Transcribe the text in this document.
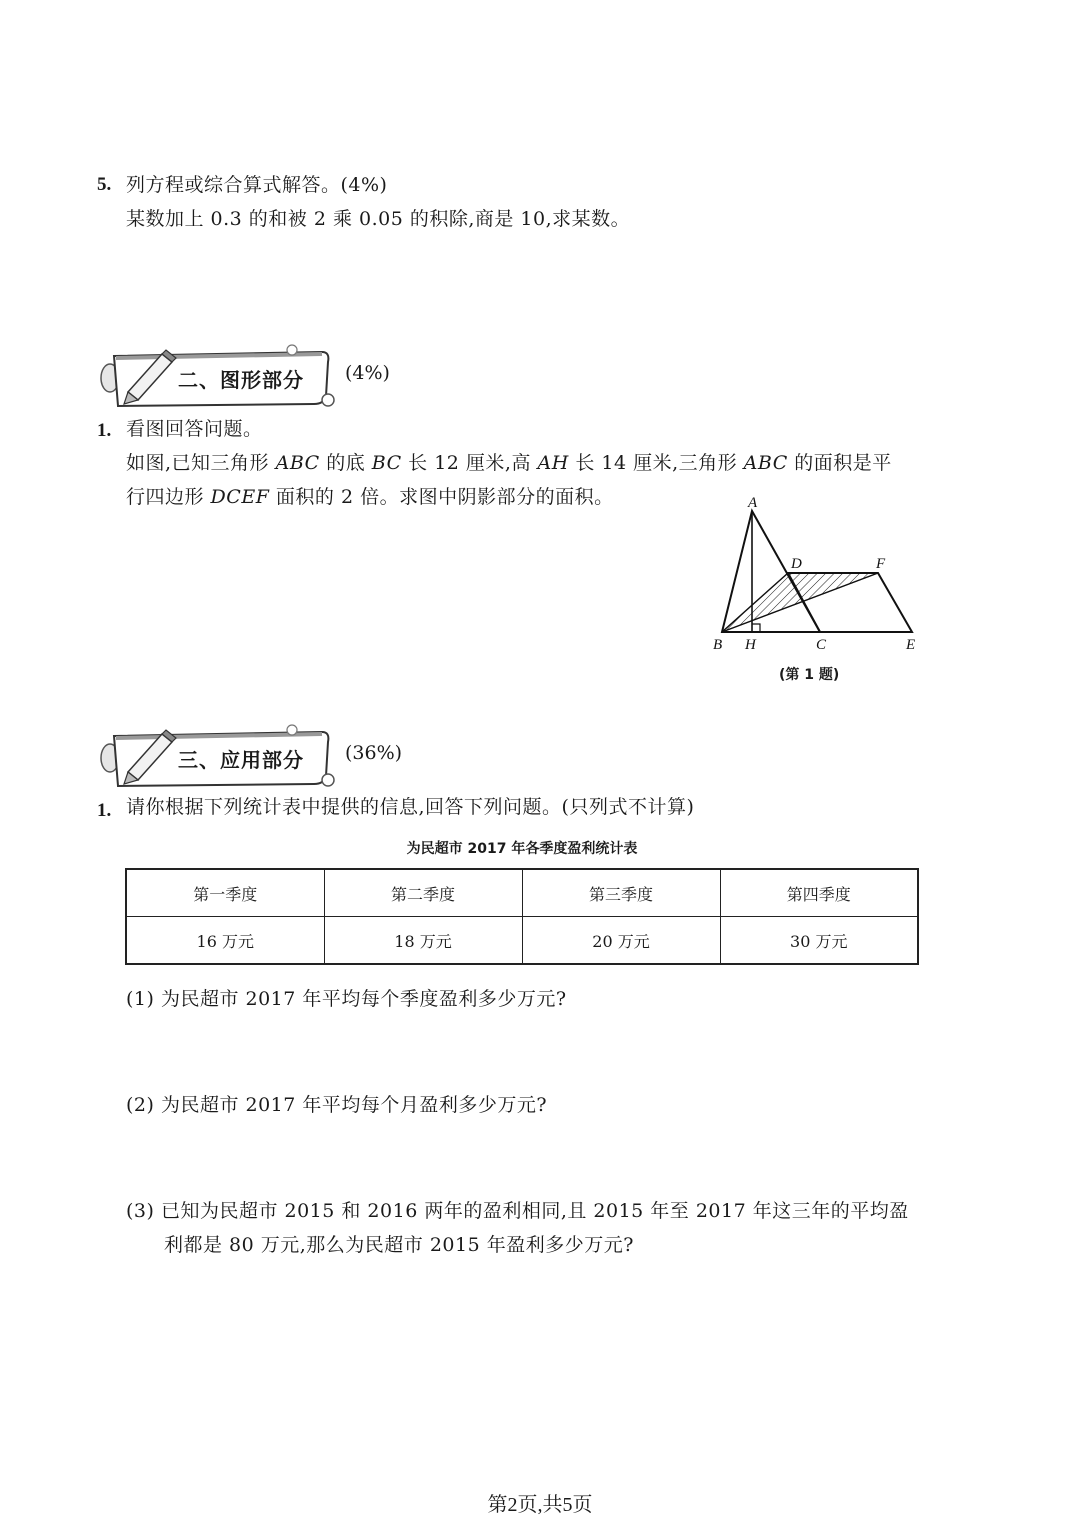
5. 列方程或综合算式解答。(4%)
某数加上 0.3 的和被 2 乘 0.05 的积除,商是 10,求某数。
二、图形部分 (4%)
1. 看图回答问题。
如图,已知三角形 ABC 的底 BC 长 12 厘米,高 AH 长 14 厘米,三角形 ABC 的面积是平
行四边形 DCEF 面积的 2 倍。求图中阴影部分的面积。	A
B H	C
D	F
E
(第 1 题)
三、应用部分 (36%)
1. 请你根据下列统计表中提供的信息,回答下列问题。(只列式不计算)
为民超市 2017 年各季度盈利统计表
第一季度	第二季度	第三季度	第四季度
16 万元	18 万元	20 万元	30 万元
(1) 为民超市 2017 年平均每个季度盈利多少万元?
(2) 为民超市 2017 年平均每个月盈利多少万元?
(3) 已知为民超市 2015 和 2016 两年的盈利相同,且 2015 年至 2017 年这三年的平均盈
利都是 80 万元,那么为民超市 2015 年盈利多少万元?
第2页,共5页
